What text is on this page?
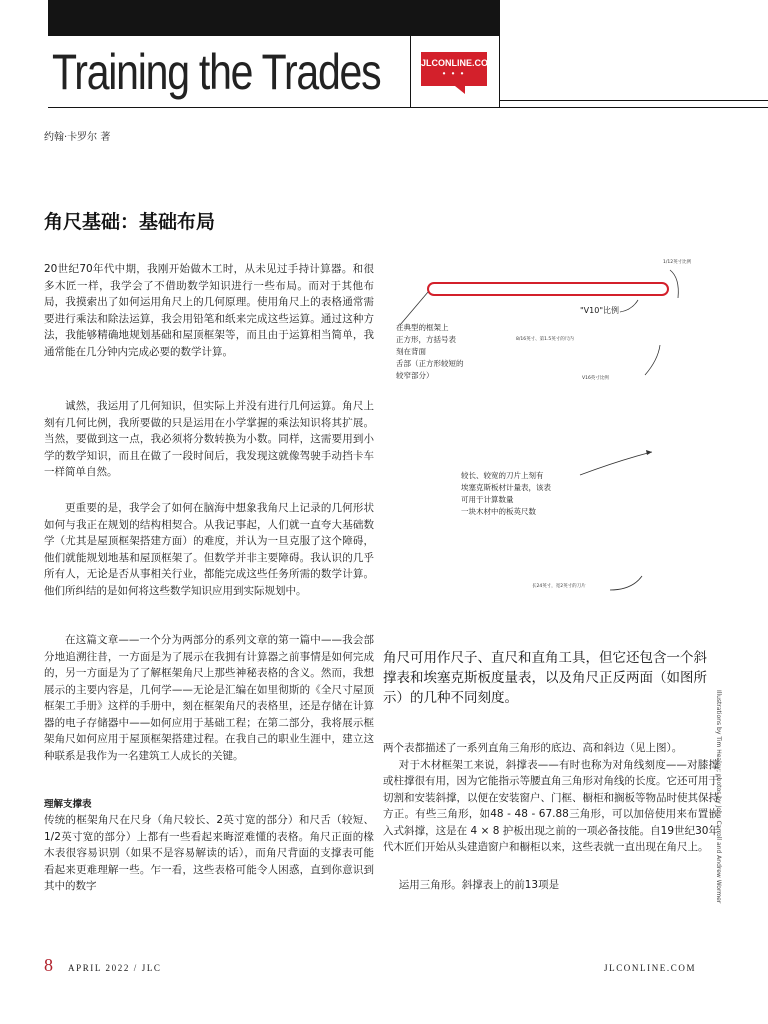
Training the Trades	JLCONLINE.COM
• • •
约翰·卡罗尔 著
角尺基础：基础布局
20世纪70年代中期，我刚开始做木工时，从未见过手持计算器。和很多木匠一样，我学会了不借助数学知识进行一些布局。而对于其他布局，我摸索出了如何运用角尺上的几何原理。使用角尺上的表格通常需要进行乘法和除法运算，我会用铅笔和纸来完成这些运算。通过这种方法，我能够精确地规划基础和屋顶框架等，而且由于运算相当简单，我通常能在几分钟内完成必要的数学计算。
诚然，我运用了几何知识，但实际上并没有进行几何运算。角尺上刻有几何比例，我所要做的只是运用在小学掌握的乘法知识将其扩展。当然，要做到这一点，我必须将分数转换为小数。同样，这需要用到小学的数学知识，而且在做了一段时间后，我发现这就像驾驶手动挡卡车一样简单自然。
更重要的是，我学会了如何在脑海中想象我角尺上记录的几何形状如何与我正在规划的结构相契合。从我记事起，人们就一直夸大基础数学（尤其是屋顶框架搭建方面）的难度，并认为一旦克服了这个障碍，他们就能规划地基和屋顶框架了。但数学并非主要障碍。我认识的几乎所有人，无论是否从事相关行业，都能完成这些任务所需的数学计算。他们所纠结的是如何将这些数学知识应用到实际规划中。
在这篇文章——一个分为两部分的系列文章的第一篇中——我会部分地追溯往昔，一方面是为了展示在我拥有计算器之前事情是如何完成的，另一方面是为了了解框架角尺上那些神秘表格的含义。然而，我想展示的主要内容是，几何学——无论是汇编在如里彻斯的《全尺寸屋顶框架工手册》这样的手册中，刻在框架角尺的表格里，还是存储在计算器的电子存储器中——如何应用于基础工程；在第二部分，我将展示框架角尺如何应用于屋顶框架搭建过程。在我自己的职业生涯中，建立这种联系是我作为一名建筑工人成长的关键。
理解支撑表
传统的框架角尺在尺身（角尺较长、2英寸宽的部分）和尺舌（较短、1/2英寸宽的部分）上都有一些看起来晦涩难懂的表格。角尺正面的椽木表很容易识别（如果不是容易解读的话），而角尺背面的支撑表可能看起来更难理解一些。乍一看，这些表格可能令人困惑，直到你意识到其中的数字
1/12英寸比例
"V10"比例
在典型的框架上
正方形，方括号表
刻在背面
舌部（正方形较短的
较窄部分）
8/16英寸、第1.5英寸的尺内
V16英寸比例
较长、较宽的刀片上刻有
埃塞克斯板材计量表，该表
可用于计算数量
一块木材中的板英尺数
长24英寸，宽2英寸的刀片
角尺可用作尺子、直尺和直角工具，但它还包含一个斜撑表和埃塞克斯板度量表，以及角尺正反两面（如图所示）的几种不同刻度。
两个表都描述了一系列直角三角形的底边、高和斜边（见上图）。
对于木材框架工来说，斜撑表——有时也称为对角线刻度——对膝撑或柱撑很有用，因为它能指示等腰直角三角形对角线的长度。它还可用于切割和安装斜撑，以便在安装窗户、门框、橱柜和搁板等物品时使其保持方正。有些三角形，如48 - 48 - 67.88三角形，可以加倍使用来布置嵌入式斜撑，这是在 4 × 8 护板出现之前的一项必备技能。自19世纪30年代木匠们开始从头建造窗户和橱柜以来，这些表就一直出现在角尺上。
运用三角形。斜撑表上的前13项是	Illustrations by Tim Healey; photos by John Carroll and Andrew Wormer
8 APRIL 2022 / JLC	JLCONLINE.COM
